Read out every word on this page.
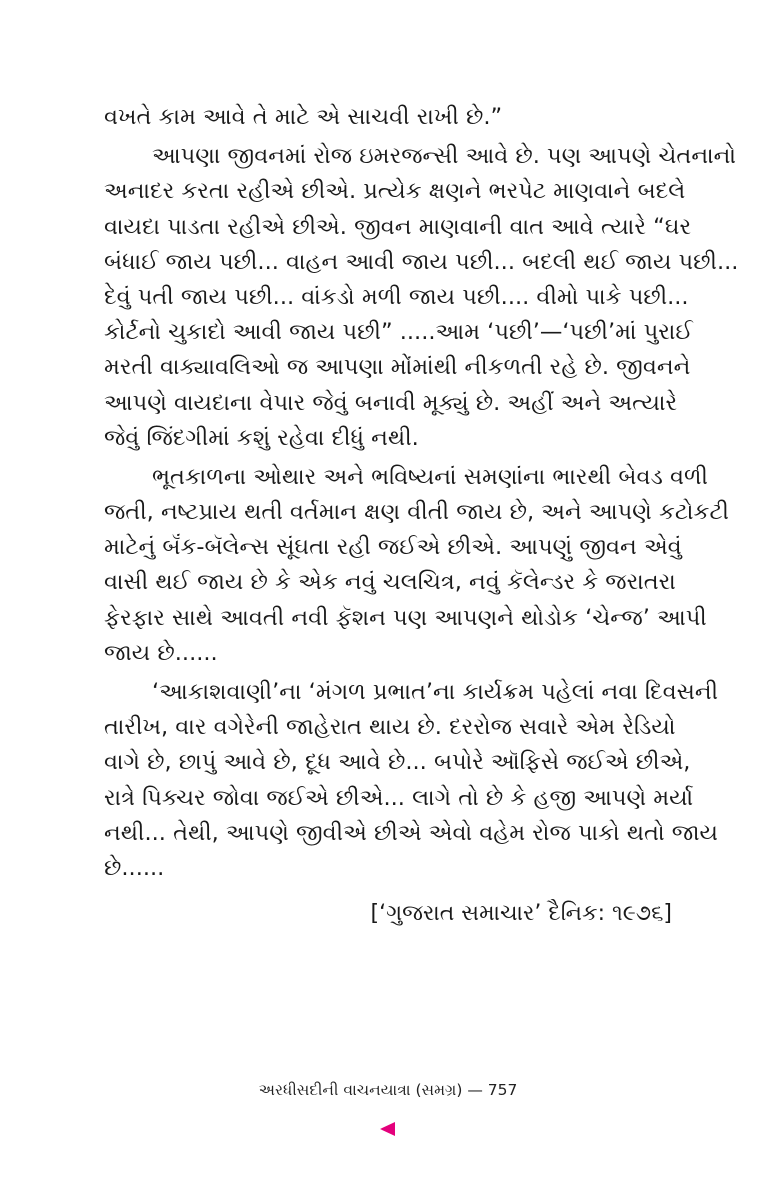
વખતે કામ આવે તે માટે એ સાચવી રાખી છે.”
આપણા જીવનમાં રોજ ઇમરજન્સી આવે છે. પણ આપણે ચેતનાનો
અનાદર કરતા રહીએ છીએ. પ્રત્યેક ક્ષણને ભરપેટ માણવાને બદલે
વાયદા પાડતા રહીએ છીએ. જીવન માણવાની વાત આવે ત્યારે “ઘર
બંધાઈ જાય પછી... વાહન આવી જાય પછી... બદલી થઈ જાય પછી...
દેવું પતી જાય પછી... વાંકડો મળી જાય પછી.... વીમો પાકે પછી...
કોર્ટનો ચુકાદો આવી જાય પછી” .....આમ ‘પછી’—‘પછી’માં પુરાઈ
મરતી વાક્યાવલિઓ જ આપણા મોંમાંથી નીકળતી રહે છે. જીવનને
આપણે વાયદાના વેપાર જેવું બનાવી મૂક્યું છે. અહીં અને અત્યારે
જેવું જિંદગીમાં કશું રહેવા દીધું નથી.
ભૂતકાળના ઓથાર અને ભવિષ્યનાં સમણાંના ભારથી બેવડ વળી
જતી, નષ્ટપ્રાય થતી વર્તમાન ક્ષણ વીતી જાય છે, અને આપણે કટોકટી
માટેનું બૅંક-બૅલેન્સ સૂંઘતા રહી જઈએ છીએ. આપણું જીવન એવું
વાસી થઈ જાય છે કે એક નવું ચલચિત્ર, નવું કૅલેન્ડર કે જરાતરા
ફેરફાર સાથે આવતી નવી ફૅશન પણ આપણને થોડોક ‘ચેન્જ’ આપી
જાય છે......
‘આકાશવાણી’ના ‘મંગળ પ્રભાત’ના કાર્યક્રમ પહેલાં નવા દિવસની
તારીખ, વાર વગેરેની જાહેરાત થાય છે. દરરોજ સવારે એમ રેડિયો
વાગે છે, છાપું આવે છે, દૂધ આવે છે... બપોરે ઑફિસે જઈએ છીએ,
રાત્રે પિક્ચર જોવા જઈએ છીએ... લાગે તો છે કે હજી આપણે મર્યા
નથી... તેથી, આપણે જીવીએ છીએ એવો વહેમ રોજ પાકો થતો જાય
છે......
[‘ગુજરાત સમાચાર’ દૈનિક: ૧૯૭૬]
અરધીસદીની વાચનયાત્રા (સમગ્ર) — 757
